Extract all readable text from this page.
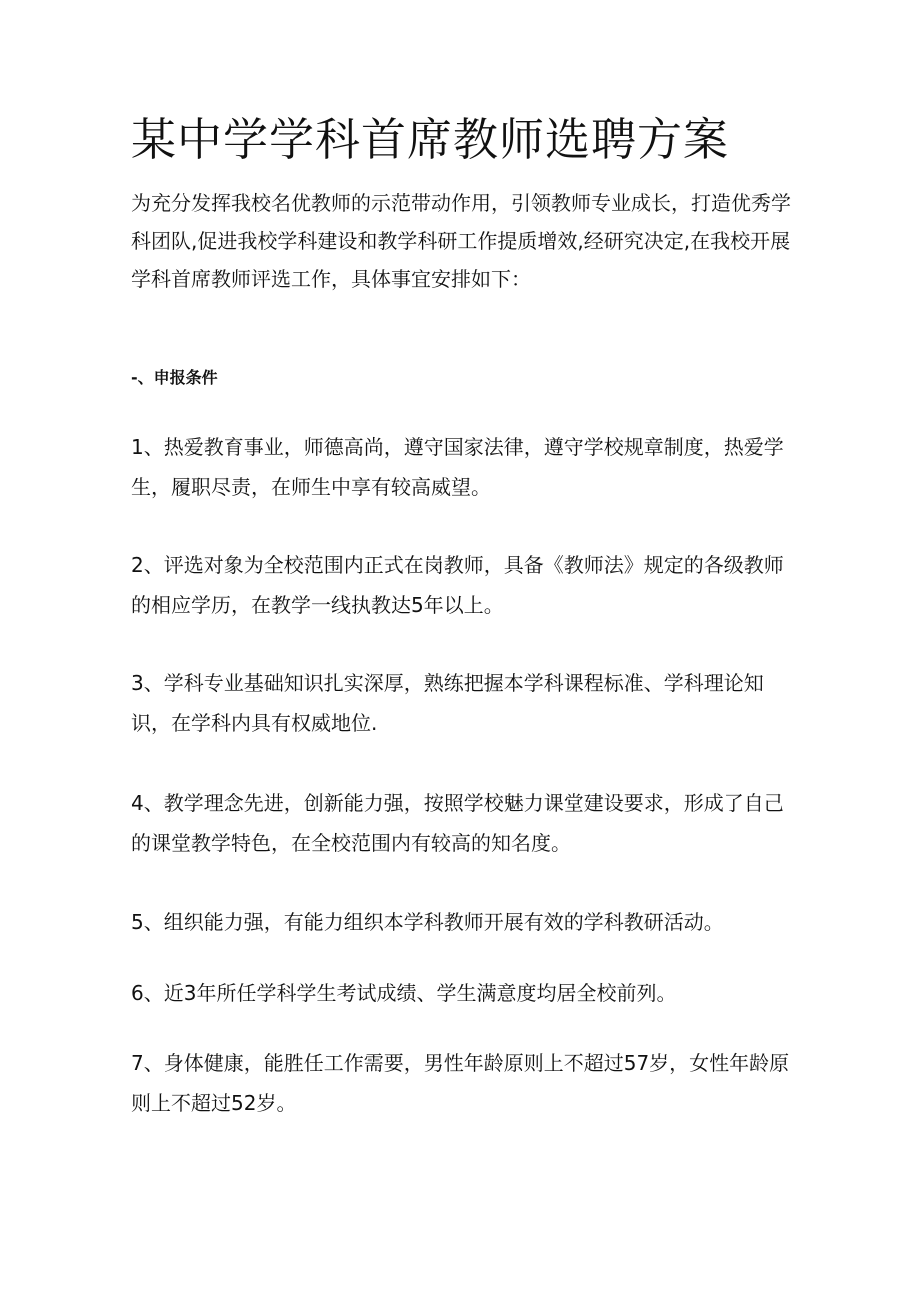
某中学学科首席教师选聘方案

为充分发挥我校名优教师的示范带动作用，引领教师专业成长，打造优秀学科团队,促进我校学科建设和教学科研工作提质增效,经研究决定,在我校开展学科首席教师评选工作，具体事宜安排如下：

-、申报条件

1、热爱教育事业，师德高尚，遵守国家法律，遵守学校规章制度，热爱学生，履职尽责，在师生中享有较高威望。

2、评选对象为全校范围内正式在岗教师，具备《教师法》规定的各级教师的相应学历，在教学一线执教达5年以上。

3、学科专业基础知识扎实深厚，熟练把握本学科课程标准、学科理论知识，在学科内具有权威地位.

4、教学理念先进，创新能力强，按照学校魅力课堂建设要求，形成了自己的课堂教学特色，在全校范围内有较高的知名度。

5、组织能力强，有能力组织本学科教师开展有效的学科教研活动。

6、近3年所任学科学生考试成绩、学生满意度均居全校前列。

7、身体健康，能胜任工作需要，男性年龄原则上不超过57岁，女性年龄原则上不超过52岁。
